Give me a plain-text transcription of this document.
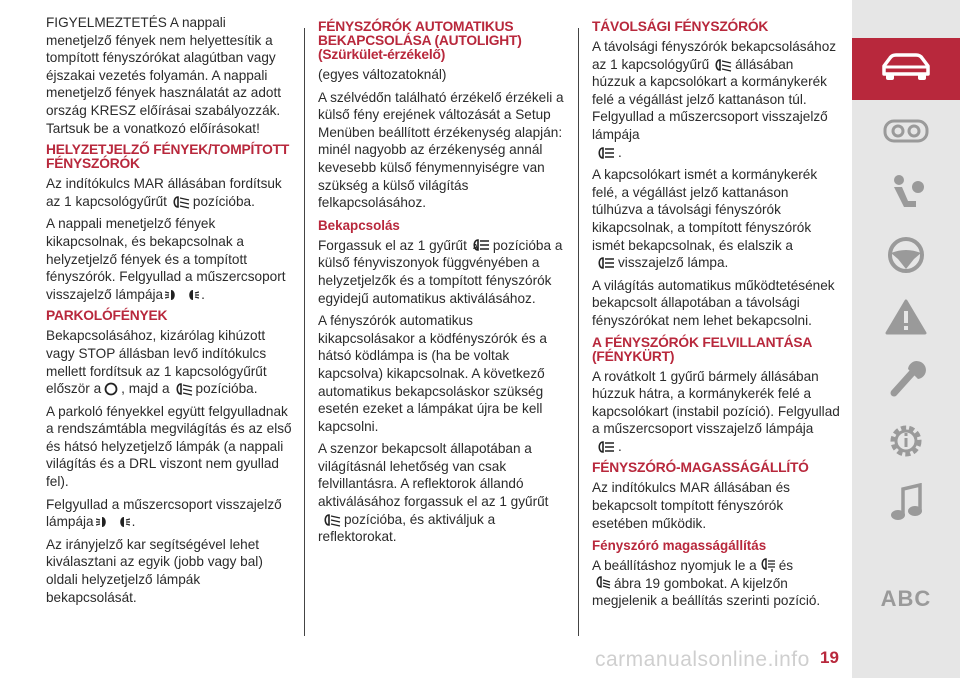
FIGYELMEZTETÉS A nappali menetjelző fények nem helyettesítik a tompított fényszórókat alagútban vagy éjszakai vezetés folyamán. A nappali menetjelző fények használatát az adott ország KRESZ előírásai szabályozzák. Tartsuk be a vonatkozó előírásokat!

HELYZETJELZŐ FÉNYEK/TOMPÍTOTT FÉNYSZÓRÓK

Az indítókulcs MAR állásában fordítsuk az 1 kapcsológyűrűt pozícióba.

A nappali menetjelző fények kikapcsolnak, és bekapcsolnak a helyzetjelző fények és a tompított fényszórók. Felgyullad a műszercsoport visszajelző lámpája	.

PARKOLÓFÉNYEK

Bekapcsolásához, kizárólag kihúzott vagy STOP állásban levő indítókulcs mellett fordítsuk az 1 kapcsológyűrűt először a , majd a pozícióba.

A parkoló fényekkel együtt felgyulladnak a rendszámtábla megvilágítás és az első és hátsó helyzetjelző lámpák (a nappali világítás és a DRL viszont nem gyullad fel).

Felgyullad a műszercsoport visszajelző lámpája	.

Az irányjelző kar segítségével lehet kiválasztani az egyik (jobb vagy bal) oldali helyzetjelző lámpák bekapcsolását.

FÉNYSZÓRÓK AUTOMATIKUS BEKAPCSOLÁSA (AUTOLIGHT)
(Szürkület-érzékelő)

(egyes változatoknál)

A szélvédőn található érzékelő érzékeli a külső fény erejének változását a Setup Menüben beállított érzékenység alapján: minél nagyobb az érzékenység annál kevesebb külső fénymennyiségre van szükség a külső világítás felkapcsolásához.

Bekapcsolás

Forgassuk el az 1 gyűrűt A pozícióba a külső fényviszonyok függvényében a helyzetjelzők és a tompított fényszórók egyidejű automatikus aktiválásához.

A fényszórók automatikus kikapcsolásakor a ködfényszórók és a hátsó ködlámpa is (ha be voltak kapcsolva) kikapcsolnak. A következő automatikus bekapcsoláskor szükség esetén ezeket a lámpákat újra be kell kapcsolni.

A szenzor bekapcsolt állapotában a világításnál lehetőség van csak felvillantásra. A reflektorok állandó aktiválásához forgassuk el az 1 gyűrűt
pozícióba, és aktiváljuk a reflektorokat.

TÁVOLSÁGI FÉNYSZÓRÓK

A távolsági fényszórók bekapcsolásához az 1 kapcsológyűrű állásában húzzuk a kapcsolókart a kormánykerék felé a végállást jelző kattanáson túl. Felgyullad a műszercsoport visszajelző lámpája
.

A kapcsolókart ismét a kormánykerék felé, a végállást jelző kattanáson túlhúzva a távolsági fényszórók kikapcsolnak, a tompított fényszórók ismét bekapcsolnak, és elalszik a
visszajelző lámpa.

A világítás automatikus működtetésének bekapcsolt állapotában a távolsági fényszórókat nem lehet bekapcsolni.

A FÉNYSZÓRÓK FELVILLANTÁSA (FÉNYKÜRT)

A rovátkolt 1 gyűrű bármely állásában húzzuk hátra, a kormánykerék felé a kapcsolókart (instabil pozíció). Felgyullad a műszercsoport visszajelző lámpája
.

FÉNYSZÓRÓ-MAGASSÁGÁLLÍTÓ

Az indítókulcs MAR állásában és bekapcsolt tompított fényszórók esetében működik.

Fényszóró magasságállítás

A beállításhoz nyomjuk le a és
ábra 19 gombokat. A kijelzőn megjelenik a beállítás szerinti pozíció.	ABC
19
carmanualsonline.info
